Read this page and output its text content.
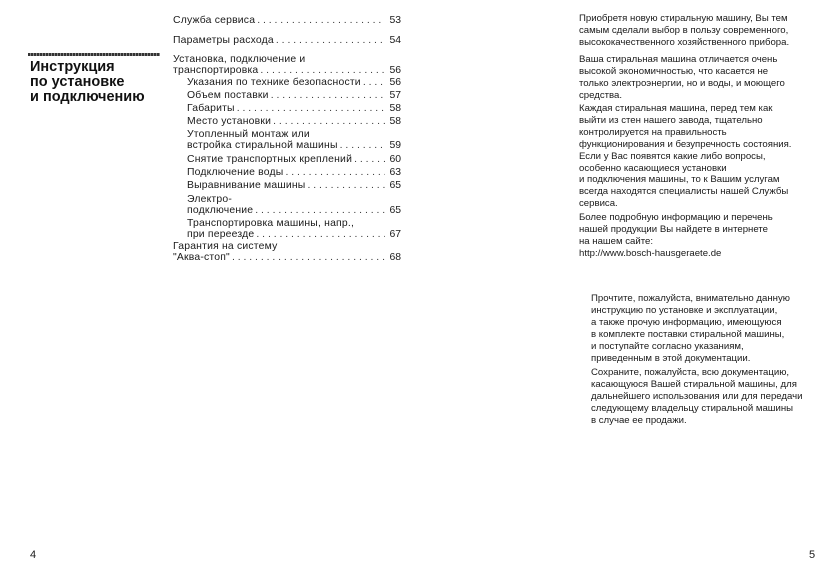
Инструкция
по установке
и подключению
Служба сервиса . . .	53
Параметры расхода . . .	54
Установка, подключение и
транспортировка . . .	56
Указания по технике безопасности . . .	56
Объем поставки . . .	57
Габариты . . .	58
Место установки . . .	58
Утопленный монтаж или
встройка стиральной машины . . .	59
Снятие транспортных креплений . . .	60
Подключение воды . . .	63
Выравнивание машины . . .	65
Электро-
подключение . . .	65
Транспортировка машины, напр.,
при переезде . . .	67
Гарантия на систему
"Аква-стоп" . . .	68
4
Приобретя новую стиральную машину, Вы тем
самым сделали выбор в пользу современного,
высококачественного хозяйственного прибора.
Ваша стиральная машина отличается очень
высокой экономичностью, что касается не
только электроэнергии, но и воды, и моющего
средства.
Каждая стиральная машина, перед тем как
выйти из стен нашего завода, тщательно
контролируется на правильность
функционирования и безупречность состояния.
Если у Вас появятся какие либо вопросы,
особенно касающиеся установки
и подключения машины, то к Вашим услугам
всегда находятся специалисты нашей Службы
сервиса.
Более подробную информацию и перечень
нашей продукции Вы найдете в интернете
на нашем сайте:
http://www.bosch-hausgeraete.de
Прочтите, пожалуйста, внимательно данную
инструкцию по установке и эксплуатации,
а также прочую информацию, имеющуюся
в комплекте поставки стиральной машины,
и поступайте согласно указаниям,
приведенным в этой документации.
Сохраните, пожалуйста, всю документацию,
касающуюся Вашей стиральной машины, для
дальнейшего использования или для передачи
следующему владельцу стиральной машины
в случае ее продажи.
5
